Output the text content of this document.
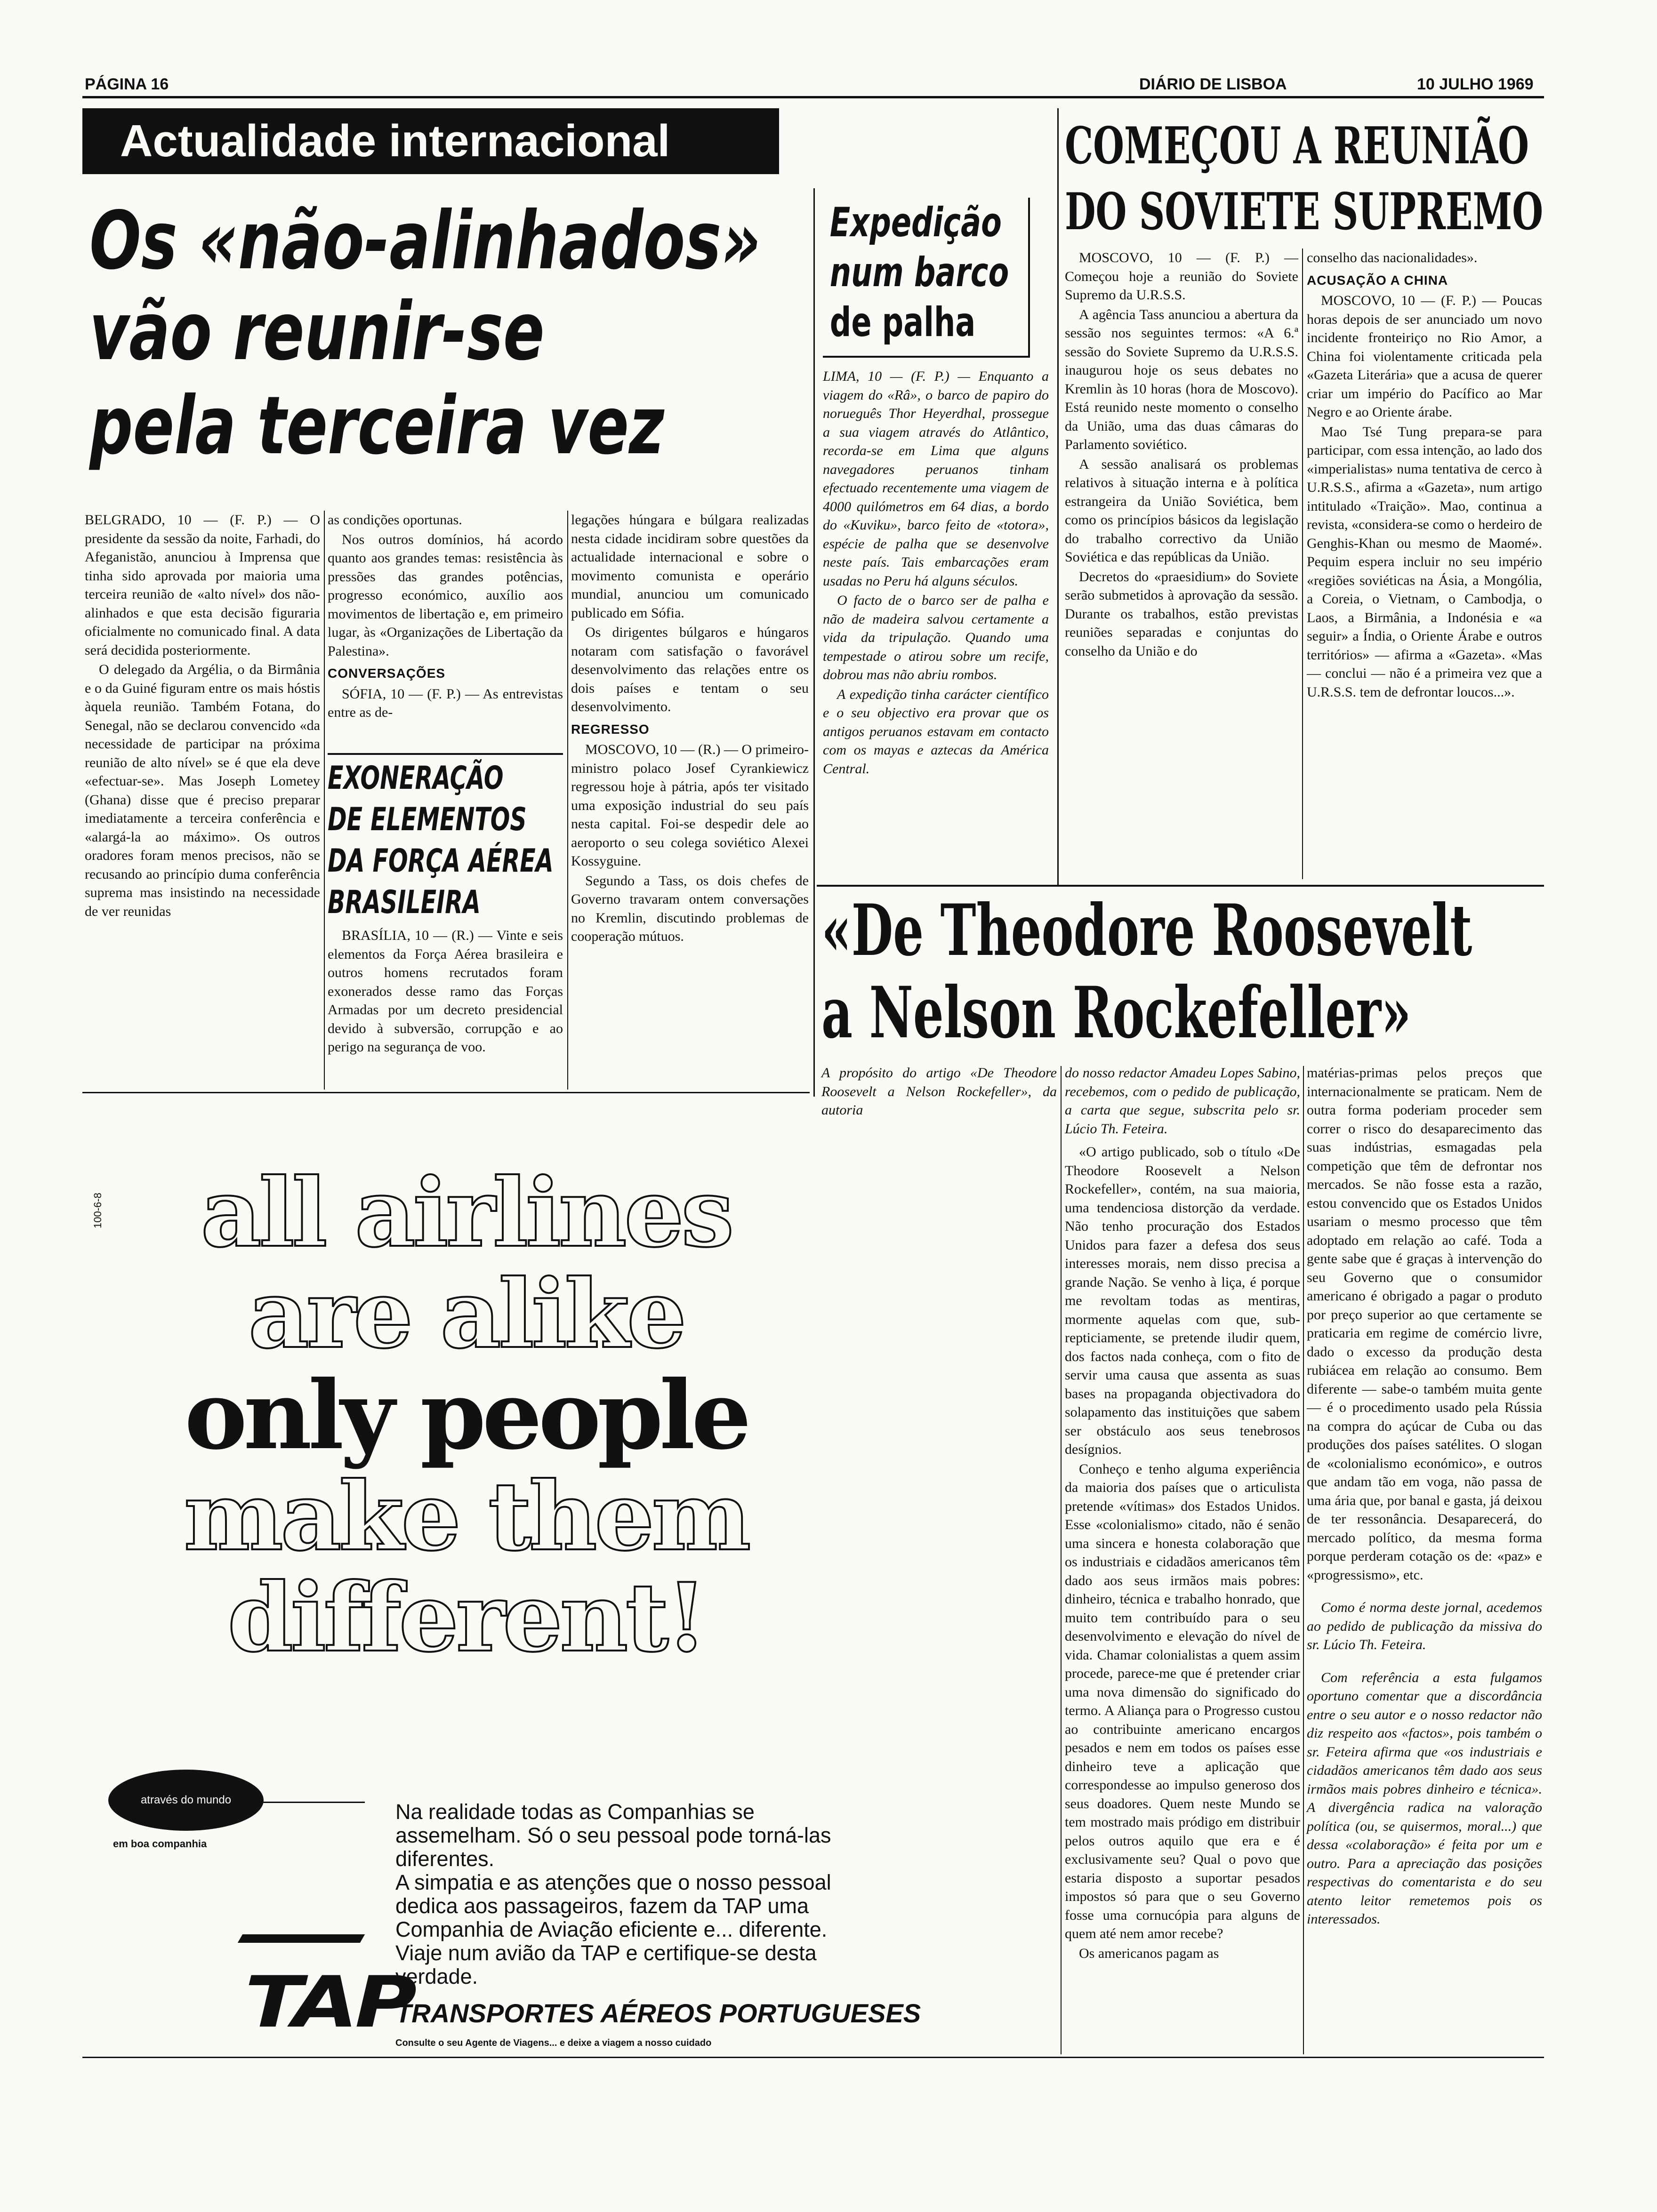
PÁGINA 16	DIÁRIO DE LISBOA	10 JULHO 1969
Actualidade internacional
Os «não-alinhados»
vão reunir-se
pela terceira vez

BELGRADO, 10 — (F. P.) — O presidente da sessão da noite, Farhadi, do Afeganistão, anunciou à Imprensa que tinha sido aprovada por maioria uma terceira reunião de «alto nível» dos não-alinhados e que esta decisão figuraria oficialmente no comunicado final. A data será decidida posteriormente.

O delegado da Argélia, o da Birmânia e o da Guiné figuram entre os mais hóstis àquela reunião. Também Fotana, do Senegal, não se declarou convencido «da necessidade de participar na próxima reunião de alto nível» se é que ela deve «efectuar-se». Mas Joseph Lometey (Ghana) disse que é preciso preparar imediatamente a terceira conferência e «alargá-la ao máximo». Os outros oradores foram menos precisos, não se recusando ao princípio duma conferência suprema mas insistindo na necessidade de ver reunidas

as condições oportunas.

Nos outros domínios, há acordo quanto aos grandes temas: resistência às pressões das grandes potências, progresso económico, auxílio aos movimentos de libertação e, em primeiro lugar, às «Organizações de Libertação da Palestina».

CONVERSAÇÕES

SÓFIA, 10 — (F. P.) — As entrevistas entre as de-

EXONERAÇÃO
DE ELEMENTOS
DA FORÇA AÉREA
BRASILEIRA
BRASÍLIA, 10 — (R.) — Vinte e seis elementos da Força Aérea brasileira e outros homens recrutados foram exonerados desse ramo das Forças Armadas por um decreto presidencial devido à subversão, corrupção e ao perigo na segurança de voo.

legações húngara e búlgara realizadas nesta cidade incidiram sobre questões da actualidade internacional e sobre o movimento comunista e operário mundial, anunciou um comunicado publicado em Sófia.

Os dirigentes búlgaros e húngaros notaram com satisfação o favorável desenvolvimento das relações entre os dois países e tentam o seu desenvolvimento.

REGRESSO

MOSCOVO, 10 — (R.) — O primeiro-ministro polaco Josef Cyrankiewicz regressou hoje à pátria, após ter visitado uma exposição industrial do seu país nesta capital. Foi-se despedir dele ao aeroporto o seu colega soviético Alexei Kossyguine.

Segundo a Tass, os dois chefes de Governo travaram ontem conversações no Kremlin, discutindo problemas de cooperação mútuos.

Expedição
num barco
de palha

LIMA, 10 — (F. P.) — Enquanto a viagem do «Râ», o barco de papiro do norueguês Thor Heyerdhal, prossegue a sua viagem através do Atlântico, recorda-se em Lima que alguns navegadores peruanos tinham efectuado recentemente uma viagem de 4000 quilómetros em 64 dias, a bordo do «Kuviku», barco feito de «totora», espécie de palha que se desenvolve neste país. Tais embarcações eram usadas no Peru há alguns séculos.

O facto de o barco ser de palha e não de madeira salvou certamente a vida da tripulação. Quando uma tempestade o atirou sobre um recife, dobrou mas não abriu rombos.

A expedição tinha carácter científico e o seu objectivo era provar que os antigos peruanos estavam em contacto com os mayas e aztecas da América Central.

COMEÇOU A REUNIÃO
DO SOVIETE SUPREMO

MOSCOVO, 10 — (F. P.) — Começou hoje a reunião do Soviete Supremo da U.R.S.S.

A agência Tass anunciou a abertura da sessão nos seguintes termos: «A 6.ª sessão do Soviete Supremo da U.R.S.S. inaugurou hoje os seus debates no Kremlin às 10 horas (hora de Moscovo). Está reunido neste momento o conselho da União, uma das duas câmaras do Parlamento soviético.

A sessão analisará os problemas relativos à situação interna e à política estrangeira da União Soviética, bem como os princípios básicos da legislação do trabalho correctivo da União Soviética e das repúblicas da União.

Decretos do «praesidium» do Soviete serão submetidos à aprovação da sessão. Durante os trabalhos, estão previstas reuniões separadas e conjuntas do conselho da União e do

conselho das nacionalidades».

ACUSAÇÃO A CHINA

MOSCOVO, 10 — (F. P.) — Poucas horas depois de ser anunciado um novo incidente fronteiriço no Rio Amor, a China foi violentamente criticada pela «Gazeta Literária» que a acusa de querer criar um império do Pacífico ao Mar Negro e ao Oriente árabe.

Mao Tsé Tung prepara-se para participar, com essa intenção, ao lado dos «imperialistas» numa tentativa de cerco à U.R.S.S., afirma a «Gazeta», num artigo intitulado «Traição». Mao, continua a revista, «considera-se como o herdeiro de Genghis-Khan ou mesmo de Maomé». Pequim espera incluir no seu império «regiões soviéticas na Ásia, a Mongólia, a Coreia, o Vietnam, o Cambodja, o Laos, a Birmânia, a Indonésia e «a seguir» a Índia, o Oriente Árabe e outros territórios» — afirma a «Gazeta». «Mas — conclui — não é a primeira vez que a U.R.S.S. tem de defrontar loucos...».

«De Theodore Roosevelt
a Nelson Rockefeller»
A propósito do artigo «De Theodore Roosevelt a Nelson Rockefeller», da autoria

do nosso redactor Amadeu Lopes Sabino, recebemos, com o pedido de publicação, a carta que segue, subscrita pelo sr. Lúcio Th. Feteira.

«O artigo publicado, sob o título «De Theodore Roosevelt a Nelson Rockefeller», contém, na sua maioria, uma tendenciosa distorção da verdade. Não tenho procuração dos Estados Unidos para fazer a defesa dos seus interesses morais, nem disso precisa a grande Nação. Se venho à liça, é porque me revoltam todas as mentiras, mormente aquelas com que, sub-repticiamente, se pretende iludir quem, dos factos nada conheça, com o fito de servir uma causa que assenta as suas bases na propaganda objectivadora do solapamento das instituições que sabem ser obstáculo aos seus tenebrosos desígnios.

Conheço e tenho alguma experiência da maioria dos países que o articulista pretende «vítimas» dos Estados Unidos. Esse «colonialismo» citado, não é senão uma sincera e honesta colaboração que os industriais e cidadãos americanos têm dado aos seus irmãos mais pobres: dinheiro, técnica e trabalho honrado, que muito tem contribuído para o seu desenvolvimento e elevação do nível de vida. Chamar colonialistas a quem assim procede, parece-me que é pretender criar uma nova dimensão do significado do termo. A Aliança para o Progresso custou ao contribuinte americano encargos pesados e nem em todos os países esse dinheiro teve a aplicação que correspondesse ao impulso generoso dos seus doadores. Quem neste Mundo se tem mostrado mais pródigo em distribuir pelos outros aquilo que era e é exclusivamente seu? Qual o povo que estaria disposto a suportar pesados impostos só para que o seu Governo fosse uma cornucópia para alguns de quem até nem amor recebe?

Os americanos pagam as

matérias-primas pelos preços que internacionalmente se praticam. Nem de outra forma poderiam proceder sem correr o risco do desaparecimento das suas indústrias, esmagadas pela competição que têm de defrontar nos mercados. Se não fosse esta a razão, estou convencido que os Estados Unidos usariam o mesmo processo que têm adoptado em relação ao café. Toda a gente sabe que é graças à intervenção do seu Governo que o consumidor americano é obrigado a pagar o produto por preço superior ao que certamente se praticaria em regime de comércio livre, dado o excesso da produção desta rubiácea em relação ao consumo. Bem diferente — sabe-o também muita gente — é o procedimento usado pela Rússia na compra do açúcar de Cuba ou das produções dos países satélites. O slogan de «colonialismo económico», e outros que andam tão em voga, não passa de uma ária que, por banal e gasta, já deixou de ter ressonância. Desaparecerá, do mercado político, da mesma forma porque perderam cotação os de: «paz» e «progressismo», etc.

Como é norma deste jornal, acedemos ao pedido de publicação da missiva do sr. Lúcio Th. Feteira.

Com referência a esta fulgamos oportuno comentar que a discordância entre o seu autor e o nosso redactor não diz respeito aos «factos», pois também o sr. Feteira afirma que «os industriais e cidadãos americanos têm dado aos seus irmãos mais pobres dinheiro e técnica». A divergência radica na valoração política (ou, se quisermos, moral...) que dessa «colaboração» é feita por um e outro. Para a apreciação das posições respectivas do comentarista e do seu atento leitor remetemos pois os interessados.

100-6-8	all airlines
are alike
only people
make them
different!
através do mundo
em boa companhia

Na realidade todas as Companhias se assemelham. Só o seu pessoal pode torná-las diferentes.

A simpatia e as atenções que o nosso pessoal dedica aos passageiros, fazem da TAP uma Companhia de Aviação eficiente e... diferente.

Viaje num avião da TAP e certifique-se desta verdade.

TAP
TRANSPORTES AÉREOS PORTUGUESES
Consulte o seu Agente de Viagens... e deixe a viagem a nosso cuidado
